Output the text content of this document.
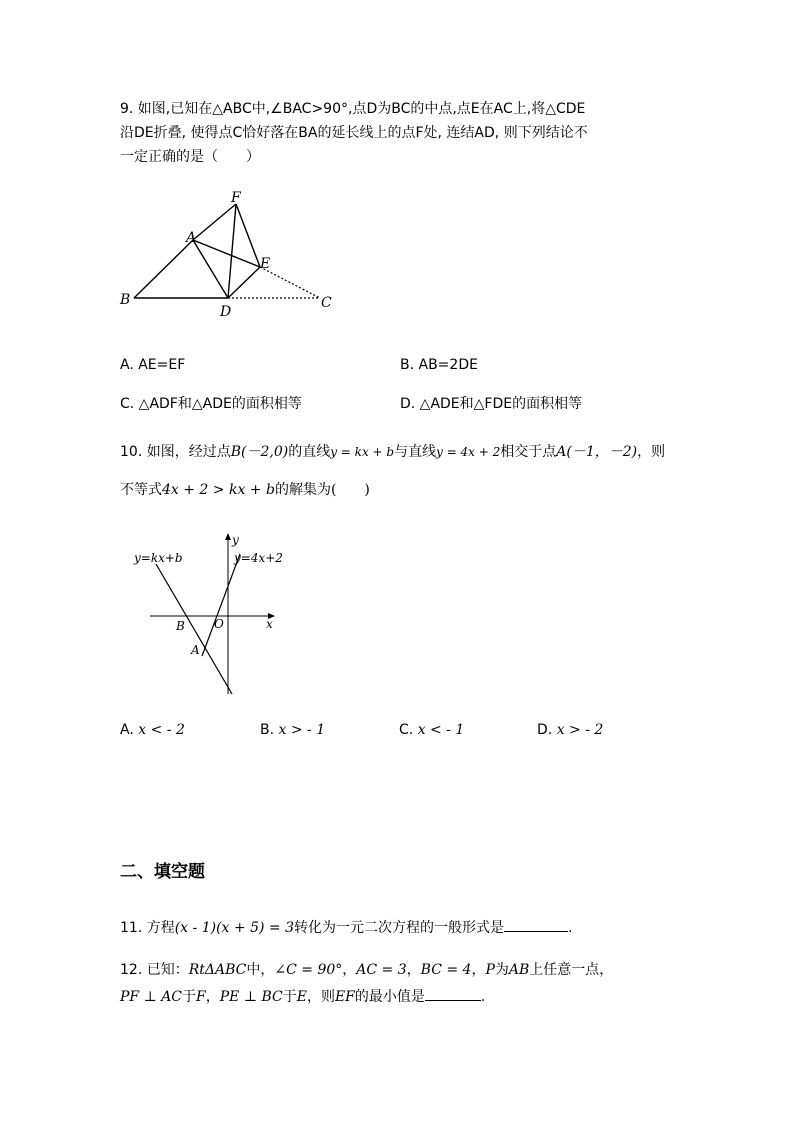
9. 如图,已知在△ABC中,∠BAC>90°,点D为BC的中点,点E在AC上,将△CDE
沿DE折叠, 使得点C恰好落在BA的延长线上的点F处, 连结AD, 则下列结论不
一定正确的是（　　）
F
A
E
B
D
C
A. AE=EF	B. AB=2DE
C. △ADF和△ADE的面积相等	D. △ADE和△FDE的面积相等
10. 如图，经过点B(－2,0)的直线y = kx + b与直线y = 4x + 2相交于点A(－1，－2)，则
不等式4x + 2 > kx + b的解集为(　　)
y=kx+b	y=4x+2
y
x
O
B
A
A. x < - 2	B. x > - 1	C. x < - 1	D. x > - 2
二、填空题
11. 方程(x - 1)(x + 5) = 3转化为一元二次方程的一般形式是	.
12. 已知：RtΔABC中，∠C = 90°，AC = 3，BC = 4，P为AB上任意一点，
PF ⊥ AC于F，PE ⊥ BC于E，则EF的最小值是	.
